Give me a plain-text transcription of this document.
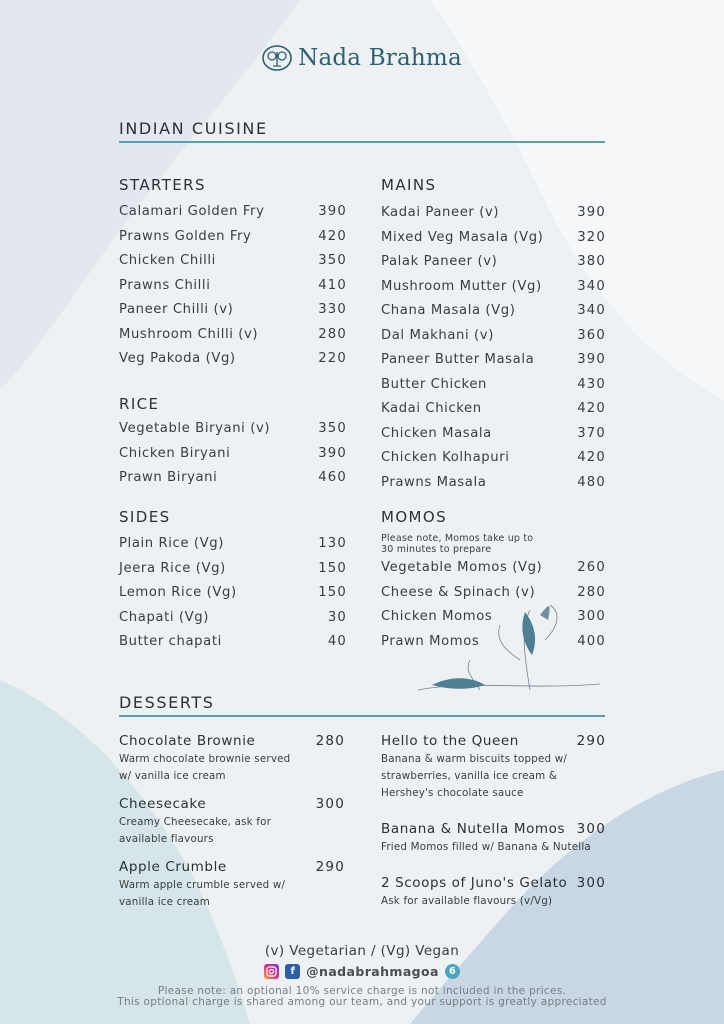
Nada Brahma
INDIAN CUISINE
STARTERS
Calamari Golden Fry	390
Prawns Golden Fry	420
Chicken Chilli	350
Prawns Chilli	410
Paneer Chilli (v)	330
Mushroom Chilli (v)	280
Veg Pakoda (Vg)	220
RICE
Vegetable Biryani (v)	350
Chicken Biryani	390
Prawn Biryani	460
SIDES
Plain Rice (Vg)	130
Jeera Rice (Vg)	150
Lemon Rice (Vg)	150
Chapati (Vg)	30
Butter chapati	40
MAINS
Kadai Paneer (v)	390
Mixed Veg Masala (Vg)	320
Palak Paneer (v)	380
Mushroom Mutter (Vg)	340
Chana Masala (Vg)	340
Dal Makhani (v)	360
Paneer Butter Masala	390
Butter Chicken	430
Kadai Chicken	420
Chicken Masala	370
Chicken Kolhapuri	420
Prawns Masala	480
MOMOS
Please note, Momos take up to
30 minutes to prepare
Vegetable Momos (Vg)	260
Cheese & Spinach (v)	280
Chicken Momos	300
Prawn Momos	400
DESSERTS
Chocolate Brownie	280
Warm chocolate brownie served
w/ vanilla ice cream
Cheesecake	300
Creamy Cheesecake, ask for
available flavours
Apple Crumble	290
Warm apple crumble served w/
vanilla ice cream
Hello to the Queen	290
Banana & warm biscuits topped w/
strawberries, vanilla ice cream &
Hershey's chocolate sauce
Banana & Nutella Momos 300
Fried Momos filled w/ Banana & Nutella
2 Scoops of Juno's Gelato 300
Ask for available flavours (v/Vg)
(v) Vegetarian / (Vg) Vegan
f @nadabrahmagoa	6
Please note: an optional 10% service charge is not included in the prices.
This optional charge is shared among our team, and your support is greatly appreciated
